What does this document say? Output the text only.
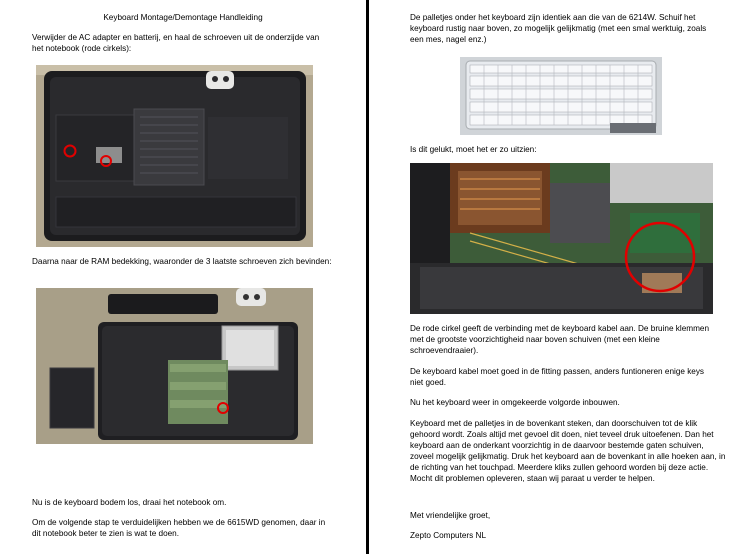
Keyboard Montage/Demontage Handleiding
Verwijder de AC adapter en batterij, en haal de schroeven uit de onderzijde van het notebook (rode cirkels):
Daarna naar de RAM bedekking, waaronder de 3 laatste schroeven zich bevinden:
Nu is de keyboard bodem los, draai het notebook om.
Om de volgende stap te verduidelijken hebben we de 6615WD genomen, daar in dit notebook beter te zien is wat te doen.
De palletjes onder het keyboard zijn identiek aan die van de 6214W. Schuif het keyboard rustig naar boven, zo mogelijk gelijkmatig (met een smal werktuig, zoals een mes, nagel enz.)
Is dit gelukt, moet het er zo uitzien:
De rode cirkel geeft de verbinding met de keyboard kabel aan. De bruine klemmen met de grootste voorzichtigheid naar boven schuiven (met een kleine schroevendraaier).
De keyboard kabel moet goed in de fitting passen, anders funtioneren enige keys niet goed.
Nu het keyboard weer in omgekeerde volgorde inbouwen.
Keyboard met de palletjes in de bovenkant steken, dan doorschuiven tot de klik gehoord wordt. Zoals altijd met gevoel dit doen, niet teveel druk uitoefenen. Dan het keyboard aan de onderkant voorzichtig in de daarvoor bestemde gaten schuiven, zoveel mogelijk gelijkmatig. Druk het keyboard aan de bovenkant in alle hoeken aan, in de richting van het touchpad. Meerdere kliks zullen gehoord worden bij deze actie. Mocht dit problemen opleveren, staan wij paraat u verder te helpen.
Met vriendelijke groet,
Zepto Computers NL
